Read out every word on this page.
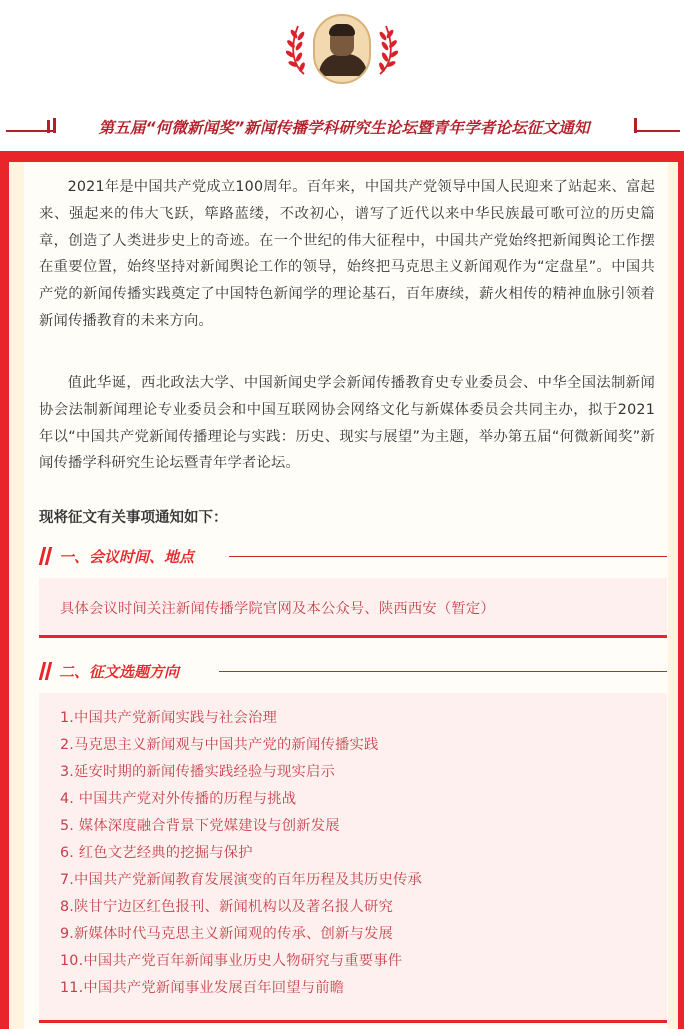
HWJA
第五届“何微新闻奖”新闻传播学科研究生论坛暨青年学者论坛征文通知

2021年是中国共产党成立100周年。百年来，中国共产党领导中国人民迎来了站起来、富起来、强起来的伟大飞跃，筚路蓝缕，不改初心，谱写了近代以来中华民族最可歌可泣的历史篇章，创造了人类进步史上的奇迹。在一个世纪的伟大征程中，中国共产党始终把新闻舆论工作摆在重要位置，始终坚持对新闻舆论工作的领导，始终把马克思主义新闻观作为“定盘星”。中国共产党的新闻传播实践奠定了中国特色新闻学的理论基石，百年赓续，薪火相传的精神血脉引领着新闻传播教育的未来方向。

值此华诞，西北政法大学、中国新闻史学会新闻传播教育史专业委员会、中华全国法制新闻协会法制新闻理论专业委员会和中国互联网协会网络文化与新媒体委员会共同主办，拟于2021年以“中国共产党新闻传播理论与实践：历史、现实与展望”为主题，举办第五届“何微新闻奖”新闻传播学科研究生论坛暨青年学者论坛。

现将征文有关事项通知如下：

一、会议时间、地点
具体会议时间关注新闻传播学院官网及本公众号、陕西西安（暂定）
二、征文选题方向
1.中国共产党新闻实践与社会治理
2.马克思主义新闻观与中国共产党的新闻传播实践
3.延安时期的新闻传播实践经验与现实启示
4. 中国共产党对外传播的历程与挑战
5. 媒体深度融合背景下党媒建设与创新发展
6. 红色文艺经典的挖掘与保护
7.中国共产党新闻教育发展演变的百年历程及其历史传承
8.陕甘宁边区红色报刊、新闻机构以及著名报人研究
9.新媒体时代马克思主义新闻观的传承、创新与发展
10.中国共产党百年新闻事业历史人物研究与重要事件
11.中国共产党新闻事业发展百年回望与前瞻
